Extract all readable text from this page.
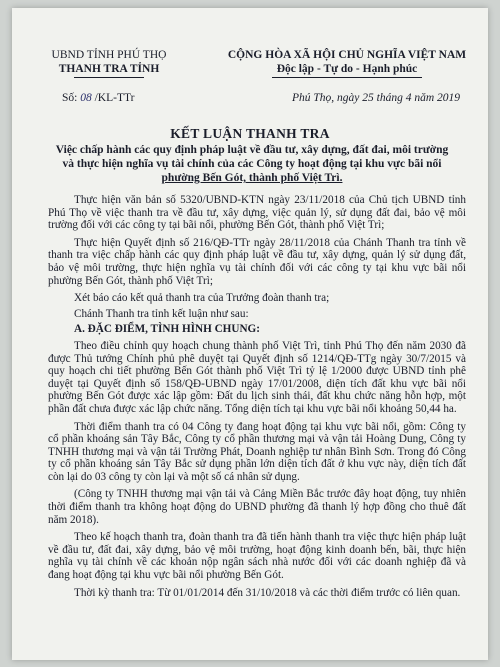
UBND TỈNH PHÚ THỌ
THANH TRA TỈNH
CỘNG HÒA XÃ HỘI CHỦ NGHĨA VIỆT NAM
Độc lập - Tự do - Hạnh phúc
Số: 08 /KL-TTr	Phú Thọ, ngày 25 tháng 4 năm 2019
KẾT LUẬN THANH TRA
Việc chấp hành các quy định pháp luật về đầu tư, xây dựng, đất đai, môi trường
và thực hiện nghĩa vụ tài chính của các Công ty hoạt động tại khu vực bãi nổi
phường Bến Gót, thành phố Việt Trì.

Thực hiện văn bản số 5320/UBND-KTN ngày 23/11/2018 của Chủ tịch UBND tỉnh Phú Thọ về việc thanh tra về đầu tư, xây dựng, việc quản lý, sử dụng đất đai, bảo vệ môi trường đối với các công ty tại bãi nổi, phường Bến Gót, thành phố Việt Trì;

Thực hiện Quyết định số 216/QĐ-TTr ngày 28/11/2018 của Chánh Thanh tra tỉnh về thanh tra việc chấp hành các quy định pháp luật về đầu tư, xây dựng, quản lý sử dụng đất, bảo vệ môi trường, thực hiện nghĩa vụ tài chính đối với các công ty tại khu vực bãi nổi phường Bến Gót, thành phố Việt Trì;

Xét báo cáo kết quả thanh tra của Trưởng đoàn thanh tra;

Chánh Thanh tra tỉnh kết luận như sau:

A. ĐẶC ĐIỂM, TÌNH HÌNH CHUNG:

Theo điều chỉnh quy hoạch chung thành phố Việt Trì, tỉnh Phú Thọ đến năm 2030 đã được Thủ tướng Chính phủ phê duyệt tại Quyết định số 1214/QĐ-TTg ngày 30/7/2015 và quy hoạch chi tiết phường Bến Gót thành phố Việt Trì tỷ lệ 1/2000 được UBND tỉnh phê duyệt tại Quyết định số 158/QĐ-UBND ngày 17/01/2008, diện tích đất khu vực bãi nổi phường Bến Gót được xác lập gồm: Đất du lịch sinh thái, đất khu chức năng hỗn hợp, một phần đất chưa được xác lập chức năng. Tổng diện tích tại khu vực bãi nổi khoảng 50,44 ha.

Thời điểm thanh tra có 04 Công ty đang hoạt động tại khu vực bãi nổi, gồm: Công ty cổ phần khoáng sản Tây Bắc, Công ty cổ phần thương mại và vận tải Hoàng Dung, Công ty TNHH thương mại và vận tải Trường Phát, Doanh nghiệp tư nhân Bình Sơn. Trong đó Công ty cổ phần khoáng sản Tây Bắc sử dụng phần lớn diện tích đất ở khu vực này, diện tích đất còn lại do 03 công ty còn lại và một số cá nhân sử dụng.

(Công ty TNHH thương mại vận tải và Cảng Miền Bắc trước đây hoạt động, tuy nhiên thời điểm thanh tra không hoạt động do UBND phường đã thanh lý hợp đồng cho thuê đất năm 2018).

Theo kế hoạch thanh tra, đoàn thanh tra đã tiến hành thanh tra việc thực hiện pháp luật về đầu tư, đất đai, xây dựng, bảo vệ môi trường, hoạt động kinh doanh bến, bãi, thực hiện nghĩa vụ tài chính về các khoản nộp ngân sách nhà nước đối với các doanh nghiệp đã và đang hoạt động tại khu vực bãi nổi phường Bến Gót.

Thời kỳ thanh tra: Từ 01/01/2014 đến 31/10/2018 và các thời điểm trước có liên quan.
